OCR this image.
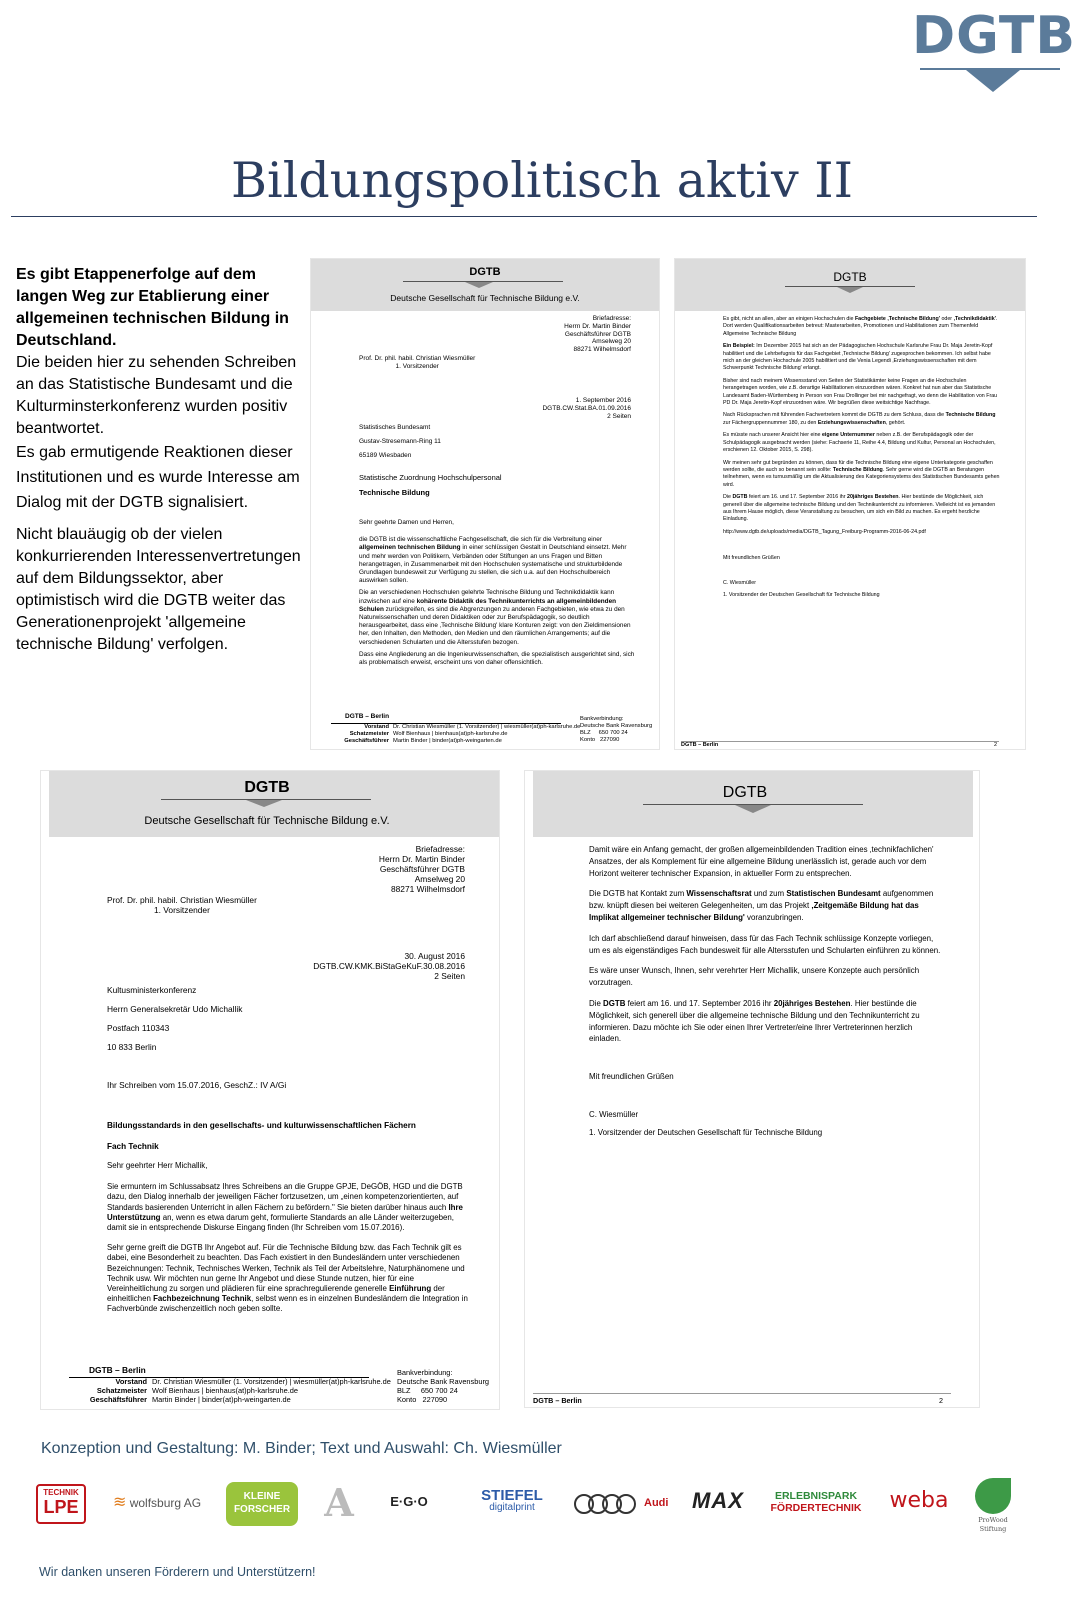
DGTB
Bildungspolitisch aktiv II

Es gibt Etappenerfolge auf dem langen Weg zur Etablierung einer allgemeinen technischen Bildung in Deutschland.

Die beiden hier zu sehenden Schreiben an das Statistische Bundesamt und die Kulturminsterkonferenz wurden positiv beantwortet.

Es gab ermutigende Reaktionen dieser Institutionen und es wurde Interesse am Dialog mit der DGTB signalisiert.

Nicht blauäugig ob der vielen konkurrierenden Interessenvertretungen auf dem Bildungssektor, aber optimistisch wird die DGTB weiter das Generationenprojekt 'allgemeine technische Bildung' verfolgen.

DGTB
Deutsche Gesellschaft für Technische Bildung e.V.
Briefadresse:
Herrn Dr. Martin Binder
Geschäftsführer DGTB
Amselweg 20
88271 Wilhelmsdorf
Prof. Dr. phil. habil. Christian Wiesmüller
1. Vorsitzender
1. September 2016
DGTB.CW.Stat.BA.01.09.2016
2 Seiten
Statistisches Bundesamt
Gustav-Stresemann-Ring 11
65189 Wiesbaden
Statistische Zuordnung Hochschulpersonal
Technische Bildung

Sehr geehrte Damen und Herren,

die DGTB ist die wissenschaftliche Fachgesellschaft, die sich für die Verbreitung einer allgemeinen technischen Bildung in einer schlüssigen Gestalt in Deutschland einsetzt. Mehr und mehr werden von Politikern, Verbänden oder Stiftungen an uns Fragen und Bitten herangetragen, in Zusammenarbeit mit den Hochschulen systematische und strukturbildende Grundlagen bundesweit zur Verfügung zu stellen, die sich u.a. auf den Hochschulbereich auswirken sollen.

Die an verschiedenen Hochschulen gelehrte Technische Bildung und Technikdidaktik kann inzwischen auf eine kohärente Didaktik des Technikunterrichts an allgemeinbildenden Schulen zurückgreifen, es sind die Abgrenzungen zu anderen Fachgebieten, wie etwa zu den Naturwissenschaften und deren Didaktiken oder zur Berufspädagogik, so deutlich herausgearbeitet, dass eine ‚Technische Bildung' klare Konturen zeigt: von den Zieldimensionen her, den Inhalten, den Methoden, den Medien und den räumlichen Arrangements; auf die verschiedenen Schularten und die Altersstufen bezogen.

Dass eine Angliederung an die Ingenieurwissenschaften, die spezialistisch ausgerichtet sind, sich als problematisch erweist, erscheint uns von daher offensichtlich.

DGTB – Berlin
Vorstand Dr. Christian Wiesmüller (1. Vorsitzender) | wiesmüller(at)ph-karlsruhe.de
Schatzmeister Wolf Bienhaus | bienhaus(at)ph-karlsruhe.de
Geschäftsführer Martin Binder | binder(at)ph-weingarten.de
Bankverbindung:
Deutsche Bank Ravensburg
BLZ     650 700 24
Konto   227090
DGTB

Es gibt, nicht an allen, aber an einigen Hochschulen die Fachgebiete ‚Technische Bildung' oder ‚Technikdidaktik'. Dort werden Qualifikationsarbeiten betreut: Masterarbeiten, Promotionen und Habilitationen zum Themenfeld Allgemeine Technische Bildung

Ein Beispiel: Im Dezember 2015 hat sich an der Pädagogischen Hochschule Karlsruhe Frau Dr. Maja Jeretin-Kopf habilitiert und die Lehrbefugnis für das Fachgebiet ‚Technische Bildung' zugesprochen bekommen. Ich selbst habe mich an der gleichen Hochschule 2005 habilitiert und die Venia Legendi ‚Erziehungswissenschaften mit dem Schwerpunkt Technische Bildung' erlangt.

Bisher sind nach meinem Wissensstand von Seiten der Statistikämter keine Fragen an die Hochschulen herangetragen worden, wie z.B. derartige Habilitationen einzuordnen wären. Konkret hat nun aber das Statistische Landesamt Baden-Württemberg in Person von Frau Drollinger bei mir nachgefragt, wo denn die Habilitation von Frau PD Dr. Maja Jeretin-Kopf einzuordnen wäre. Wir begrüßen diese weitsichtige Nachfrage.

Nach Rücksprachen mit führenden Fachvertretern kommt die DGTB zu dem Schluss, dass die Technische Bildung zur Fächergruppennummer 180, zu den Erziehungswissenschaften, gehört.

Es müsste nach unserer Ansicht hier eine eigene Unternummer neben z.B. der Berufspädagogik oder der Schulpädagogik ausgebracht werden (siehe: Fachserie 11, Reihe 4.4, Bildung und Kultur, Personal an Hochschulen, erschienen 12. Oktober 2015, S. 298).

Wir meinen sehr gut begründen zu können, dass für die Technische Bildung eine eigene Unterkategorie geschaffen werden sollte, die auch so benannt sein sollte: Technische Bildung. Sehr gerne wird die DGTB an Beratungen teilnehmen, wenn es turnusmäßig um die Aktualisierung des Kategoriensystems des Statistischen Bundesamts gehen wird.

Die DGTB feiert am 16. und 17. September 2016 ihr 20jähriges Bestehen. Hier bestünde die Möglichkeit, sich generell über die allgemeine technische Bildung und den Technikunterricht zu informieren. Vielleicht ist es jemanden aus Ihrem Hause möglich, diese Veranstaltung zu besuchen, um sich ein Bild zu machen. Es ergeht herzliche Einladung.

http://www.dgtb.de/uploads/media/DGTB_Tagung_Freiburg-Programm-2016-06-24.pdf

Mit freundlichen Grüßen

C. Wiesmüller

1. Vorsitzender der Deutschen Gesellschaft für Technische Bildung

DGTB – Berlin	2
DGTB
Deutsche Gesellschaft für Technische Bildung e.V.
Briefadresse:
Herrn Dr. Martin Binder
Geschäftsführer DGTB
Amselweg 20
88271 Wilhelmsdorf
Prof. Dr. phil. habil. Christian Wiesmüller
1. Vorsitzender
30. August 2016
DGTB.CW.KMK.BiStaGeKuF.30.08.2016
2 Seiten
Kultusministerkonferenz
Herrn Generalsekretär Udo Michallik
Postfach 110343
10 833 Berlin
Ihr Schreiben vom 15.07.2016, GeschZ.: IV A/Gi
Bildungsstandards in den gesellschafts- und kulturwissenschaftlichen Fächern
Fach Technik

Sehr geehrter Herr Michallik,

Sie ermuntern im Schlussabsatz Ihres Schreibens an die Gruppe GPJE, DeGÖB, HGD und die DGTB dazu, den Dialog innerhalb der jeweiligen Fächer fortzusetzen, um „einen kompetenzorientierten, auf Standards basierenden Unterricht in allen Fächern zu befördern." Sie bieten darüber hinaus auch Ihre Unterstützung an, wenn es etwa darum geht, formulierte Standards an alle Länder weiterzugeben, damit sie in entsprechende Diskurse Eingang finden (Ihr Schreiben vom 15.07.2016).

Sehr gerne greift die DGTB Ihr Angebot auf. Für die Technische Bildung bzw. das Fach Technik gilt es dabei, eine Besonderheit zu beachten. Das Fach existiert in den Bundesländern unter verschiedenen Bezeichnungen: Technik, Technisches Werken, Technik als Teil der Arbeitslehre, Naturphänomene und Technik usw. Wir möchten nun gerne Ihr Angebot und diese Stunde nutzen, hier für eine Vereinheitlichung zu sorgen und plädieren für eine sprachregulierende generelle Einführung der einheitlichen Fachbezeichnung Technik, selbst wenn es in einzelnen Bundesländern die Integration in Fachverbünde zwischenzeitlich noch geben sollte.

DGTB – Berlin
Vorstand Dr. Christian Wiesmüller (1. Vorsitzender) | wiesmüller(at)ph-karlsruhe.de
Schatzmeister Wolf Bienhaus | bienhaus(at)ph-karlsruhe.de
Geschäftsführer Martin Binder | binder(at)ph-weingarten.de
Bankverbindung:
Deutsche Bank Ravensburg
BLZ     650 700 24
Konto   227090
DGTB

Damit wäre ein Anfang gemacht, der großen allgemeinbildenden Tradition eines ‚technikfachlichen' Ansatzes, der als Komplement für eine allgemeine Bildung unerlässlich ist, gerade auch vor dem Horizont weiterer technischer Expansion, in aktueller Form zu entsprechen.

Die DGTB hat Kontakt zum Wissenschaftsrat und zum Statistischen Bundesamt aufgenommen bzw. knüpft diesen bei weiteren Gelegenheiten, um das Projekt ‚Zeitgemäße Bildung hat das Implikat allgemeiner technischer Bildung' voranzubringen.

Ich darf abschließend darauf hinweisen, dass für das Fach Technik schlüssige Konzepte vorliegen, um es als eigenständiges Fach bundesweit für alle Altersstufen und Schularten einführen zu können.

Es wäre unser Wunsch, Ihnen, sehr verehrter Herr Michallik, unsere Konzepte auch persönlich vorzutragen.

Die DGTB feiert am 16. und 17. September 2016 ihr 20jähriges Bestehen. Hier bestünde die Möglichkeit, sich generell über die allgemeine technische Bildung und den Technikunterricht zu informieren. Dazu möchte ich Sie oder einen Ihrer Vertreter/eine Ihrer Vertreterinnen herzlich einladen.

Mit freundlichen Grüßen

C. Wiesmüller

1. Vorsitzender der Deutschen Gesellschaft für Technische Bildung

DGTB – Berlin	2
Konzeption und Gestaltung: M. Binder; Text und Auswahl: Ch. Wiesmüller
TECHNIK
LPE	≋ wolfsburg AG	KLEINE
FORSCHER A	E·G·O	STIEFEL
digitalprint	Audi	MAX	ERLEBNISPARK
FÖRDERTECHNIK	weba
ProWood
Stiftung
Wir danken unseren Förderern und Unterstützern!
